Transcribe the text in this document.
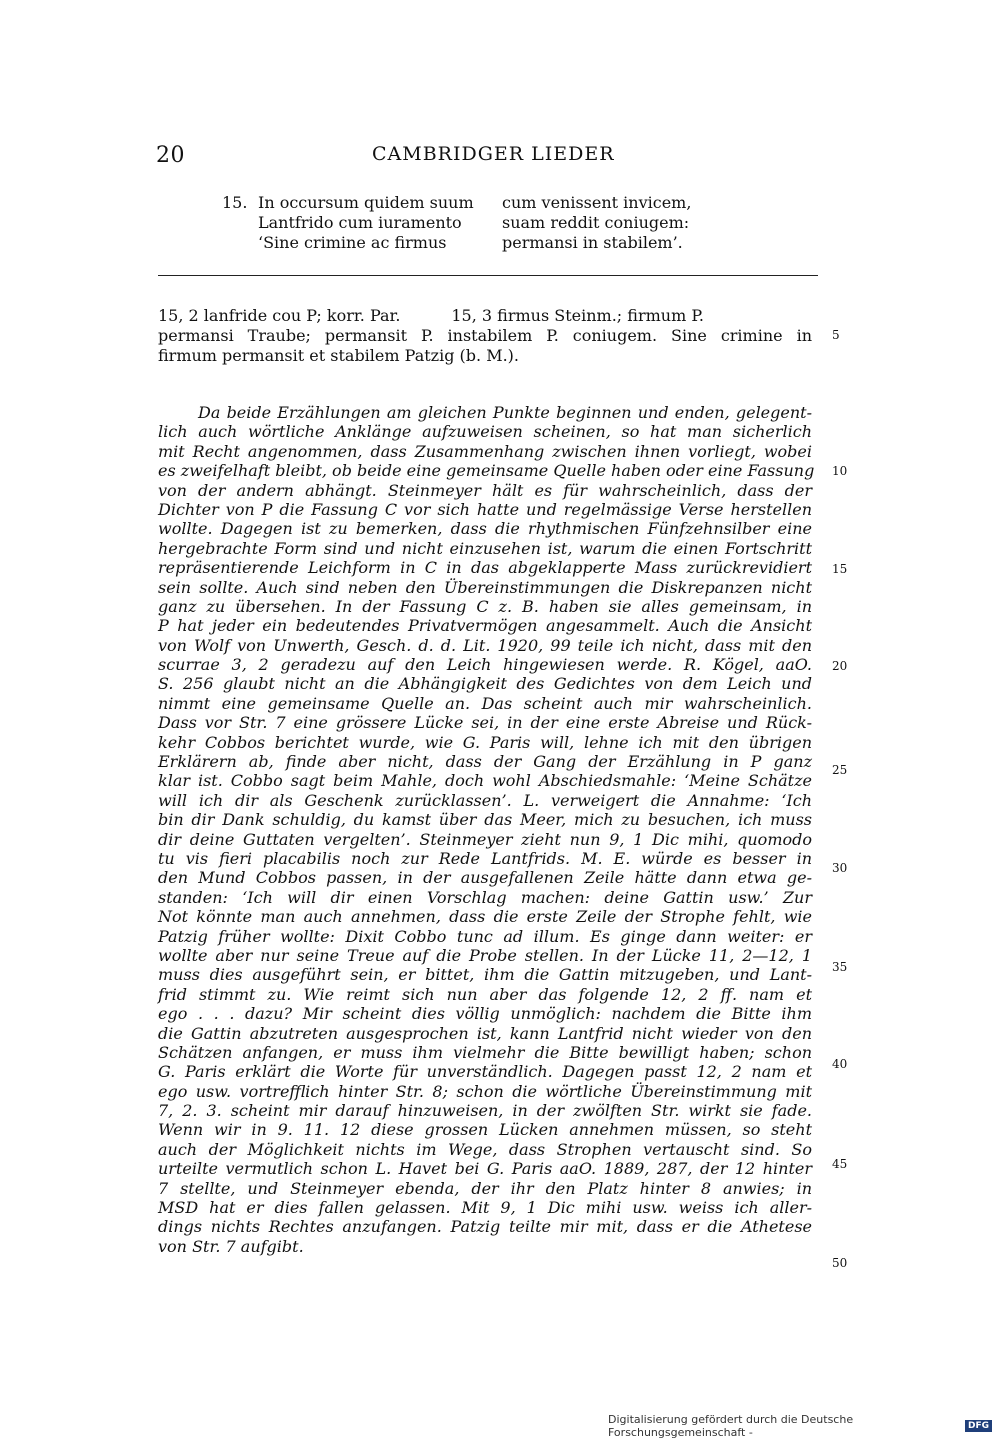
20	CAMBRIDGER LIEDER
15. In occursum quidem suum	cum venissent invicem,
Lantfrido cum iuramento	suam reddit coniugem:
‘Sine crimine ac firmus	permansi in stabilem’.
15, 2 lanfride cou P; korr. Par.          15, 3 firmus Steinm.; firmum P.
permansi Traube; permansit P. instabilem P. coniugem. Sine crimine in
firmum permansit et stabilem Patzig (b. M.).
Da beide Erzählungen am gleichen Punkte beginnen und enden, gelegent-
lich auch wörtliche Anklänge aufzuweisen scheinen, so hat man sicherlich
mit Recht angenommen, dass Zusammenhang zwischen ihnen vorliegt, wobei
es zweifelhaft bleibt, ob beide eine gemeinsame Quelle haben oder eine Fassung
von der andern abhängt. Steinmeyer hält es für wahrscheinlich, dass der
Dichter von P die Fassung C vor sich hatte und regelmässige Verse herstellen
wollte. Dagegen ist zu bemerken, dass die rhythmischen Fünfzehnsilber eine
hergebrachte Form sind und nicht einzusehen ist, warum die einen Fortschritt
repräsentierende Leichform in C in das abgeklapperte Mass zurückrevidiert
sein sollte. Auch sind neben den Übereinstimmungen die Diskrepanzen nicht
ganz zu übersehen. In der Fassung C z. B. haben sie alles gemeinsam, in
P hat jeder ein bedeutendes Privatvermögen angesammelt. Auch die Ansicht
von Wolf von Unwerth, Gesch. d. d. Lit. 1920, 99 teile ich nicht, dass mit den
scurrae 3, 2 geradezu auf den Leich hingewiesen werde. R. Kögel, aaO.
S. 256 glaubt nicht an die Abhängigkeit des Gedichtes von dem Leich und
nimmt eine gemeinsame Quelle an. Das scheint auch mir wahrscheinlich.
Dass vor Str. 7 eine grössere Lücke sei, in der eine erste Abreise und Rück-
kehr Cobbos berichtet wurde, wie G. Paris will, lehne ich mit den übrigen
Erklärern ab, finde aber nicht, dass der Gang der Erzählung in P ganz
klar ist. Cobbo sagt beim Mahle, doch wohl Abschiedsmahle: ‘Meine Schätze
will ich dir als Geschenk zurücklassen’. L. verweigert die Annahme: ‘Ich
bin dir Dank schuldig, du kamst über das Meer, mich zu besuchen, ich muss
dir deine Guttaten vergelten’. Steinmeyer zieht nun 9, 1 Dic mihi, quomodo
tu vis fieri placabilis noch zur Rede Lantfrids. M. E. würde es besser in
den Mund Cobbos passen, in der ausgefallenen Zeile hätte dann etwa ge-
standen: ‘Ich will dir einen Vorschlag machen: deine Gattin usw.’ Zur
Not könnte man auch annehmen, dass die erste Zeile der Strophe fehlt, wie
Patzig früher wollte: Dixit Cobbo tunc ad illum. Es ginge dann weiter: er
wollte aber nur seine Treue auf die Probe stellen. In der Lücke 11, 2—12, 1
muss dies ausgeführt sein, er bittet, ihm die Gattin mitzugeben, und Lant-
frid stimmt zu. Wie reimt sich nun aber das folgende 12, 2 ff. nam et
ego . . . dazu? Mir scheint dies völlig unmöglich: nachdem die Bitte ihm
die Gattin abzutreten ausgesprochen ist, kann Lantfrid nicht wieder von den
Schätzen anfangen, er muss ihm vielmehr die Bitte bewilligt haben; schon
G. Paris erklärt die Worte für unverständlich. Dagegen passt 12, 2 nam et
ego usw. vortrefflich hinter Str. 8; schon die wörtliche Übereinstimmung mit
7, 2. 3. scheint mir darauf hinzuweisen, in der zwölften Str. wirkt sie fade.
Wenn wir in 9. 11. 12 diese grossen Lücken annehmen müssen, so steht
auch der Möglichkeit nichts im Wege, dass Strophen vertauscht sind. So
urteilte vermutlich schon L. Havet bei G. Paris aaO. 1889, 287, der 12 hinter
7 stellte, und Steinmeyer ebenda, der ihr den Platz hinter 8 anwies; in
MSD hat er dies fallen gelassen. Mit 9, 1 Dic mihi usw. weiss ich aller-
dings nichts Rechtes anzufangen. Patzig teilte mir mit, dass er die Athetese
von Str. 7 aufgibt.
5
10
15
20
25
30
35
40
45
50
Digitalisierung gefördert durch die Deutsche Forschungsgemeinschaft -	DFG
